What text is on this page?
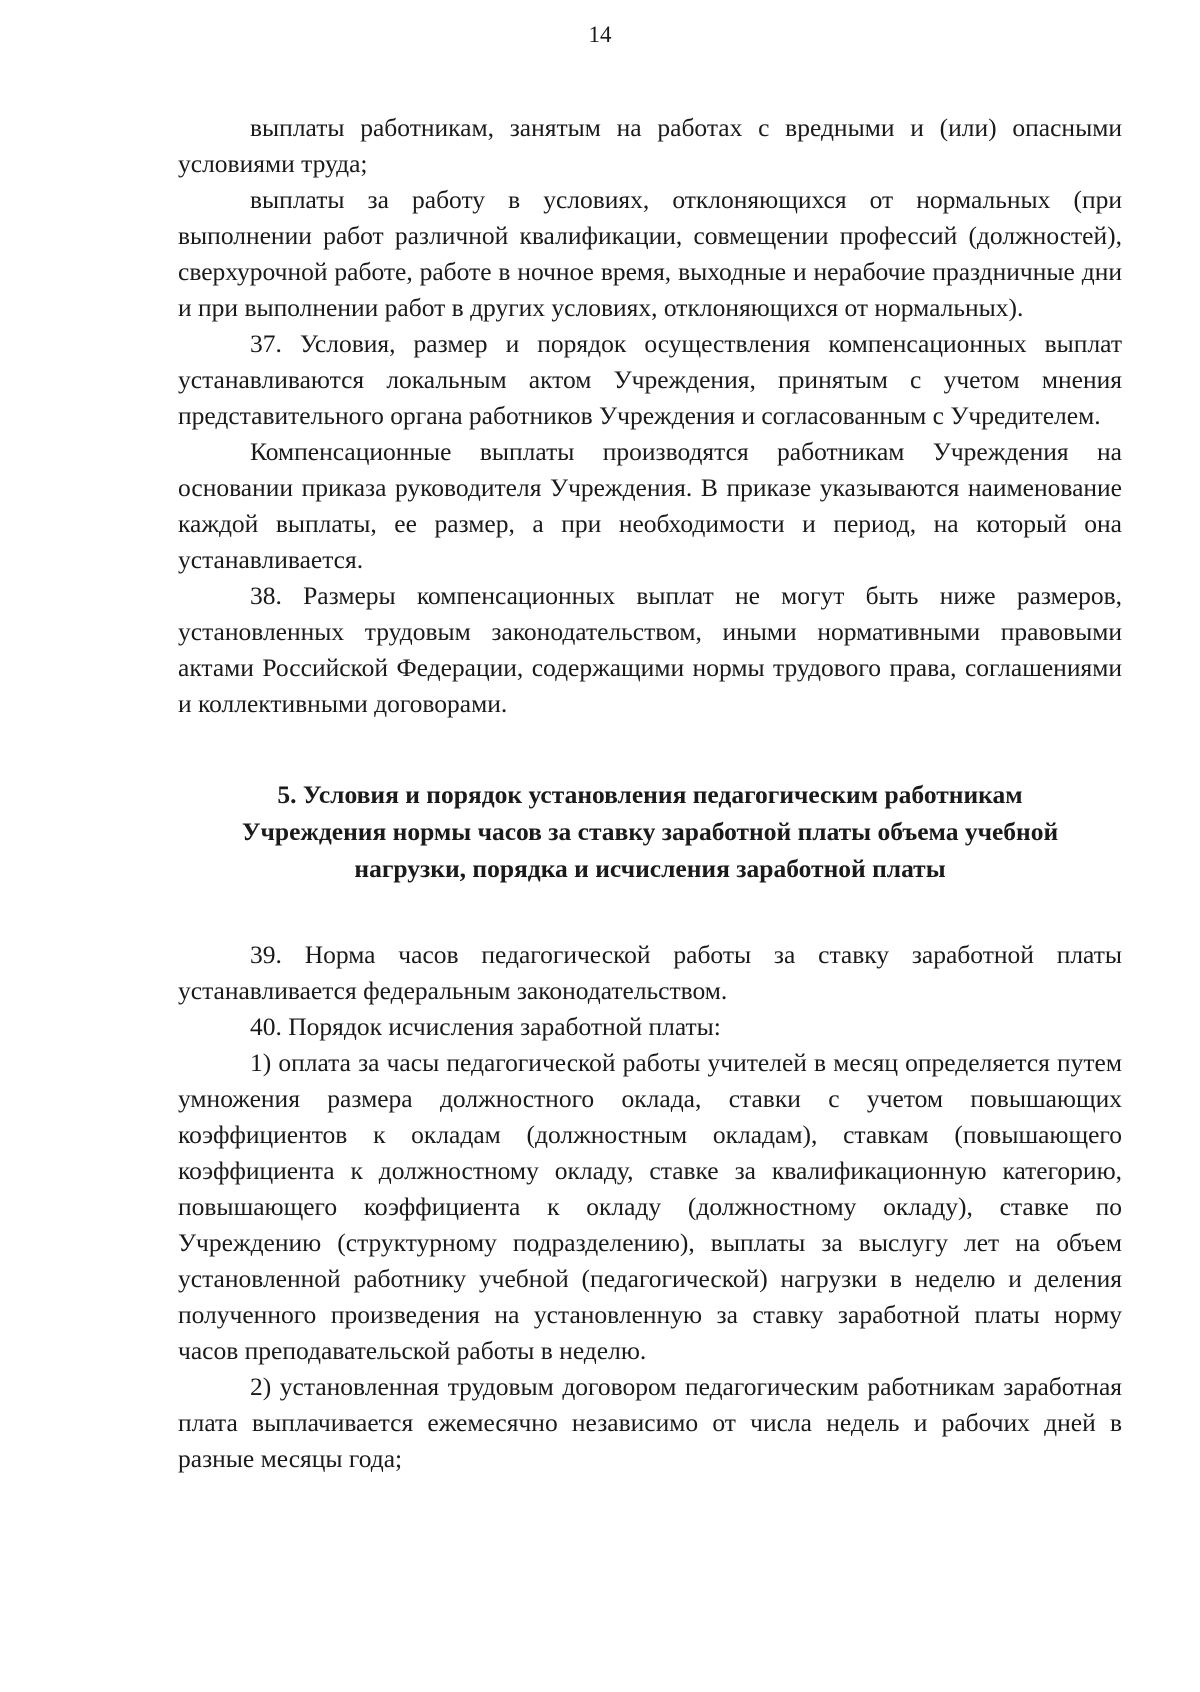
14

выплаты работникам, занятым на работах с вредными и (или) опасными условиями труда;

выплаты за работу в условиях, отклоняющихся от нормальных (при выполнении работ различной квалификации, совмещении профессий (должностей), сверхурочной работе, работе в ночное время, выходные и нерабочие праздничные дни и при выполнении работ в других условиях, отклоняющихся от нормальных).

37. Условия, размер и порядок осуществления компенсационных выплат устанавливаются локальным актом Учреждения, принятым с учетом мнения представительного органа работников Учреждения и согласованным с Учредителем.

Компенсационные выплаты производятся работникам Учреждения на основании приказа руководителя Учреждения. В приказе указываются наименование каждой выплаты, ее размер, а при необходимости и период, на который она устанавливается.

38. Размеры компенсационных выплат не могут быть ниже размеров, установленных трудовым законодательством, иными нормативными правовыми актами Российской Федерации, содержащими нормы трудового права, соглашениями и коллективными договорами.

5. Условия и порядок установления педагогическим работникам
Учреждения нормы часов за ставку заработной платы объема учебной
нагрузки, порядка и исчисления заработной платы

39. Норма часов педагогической работы за ставку заработной платы устанавливается федеральным законодательством.

40. Порядок исчисления заработной платы:

1) оплата за часы педагогической работы учителей в месяц определяется путем умножения размера должностного оклада, ставки с учетом повышающих коэффициентов к окладам (должностным окладам), ставкам (повышающего коэффициента к должностному окладу, ставке за квалификационную категорию, повышающего коэффициента к окладу (должностному окладу), ставке по Учреждению (структурному подразделению), выплаты за выслугу лет на объем установленной работнику учебной (педагогической) нагрузки в неделю и деления полученного произведения на установленную за ставку заработной платы норму часов преподавательской работы в неделю.

2) установленная трудовым договором педагогическим работникам заработная плата выплачивается ежемесячно независимо от числа недель и рабочих дней в разные месяцы года;
